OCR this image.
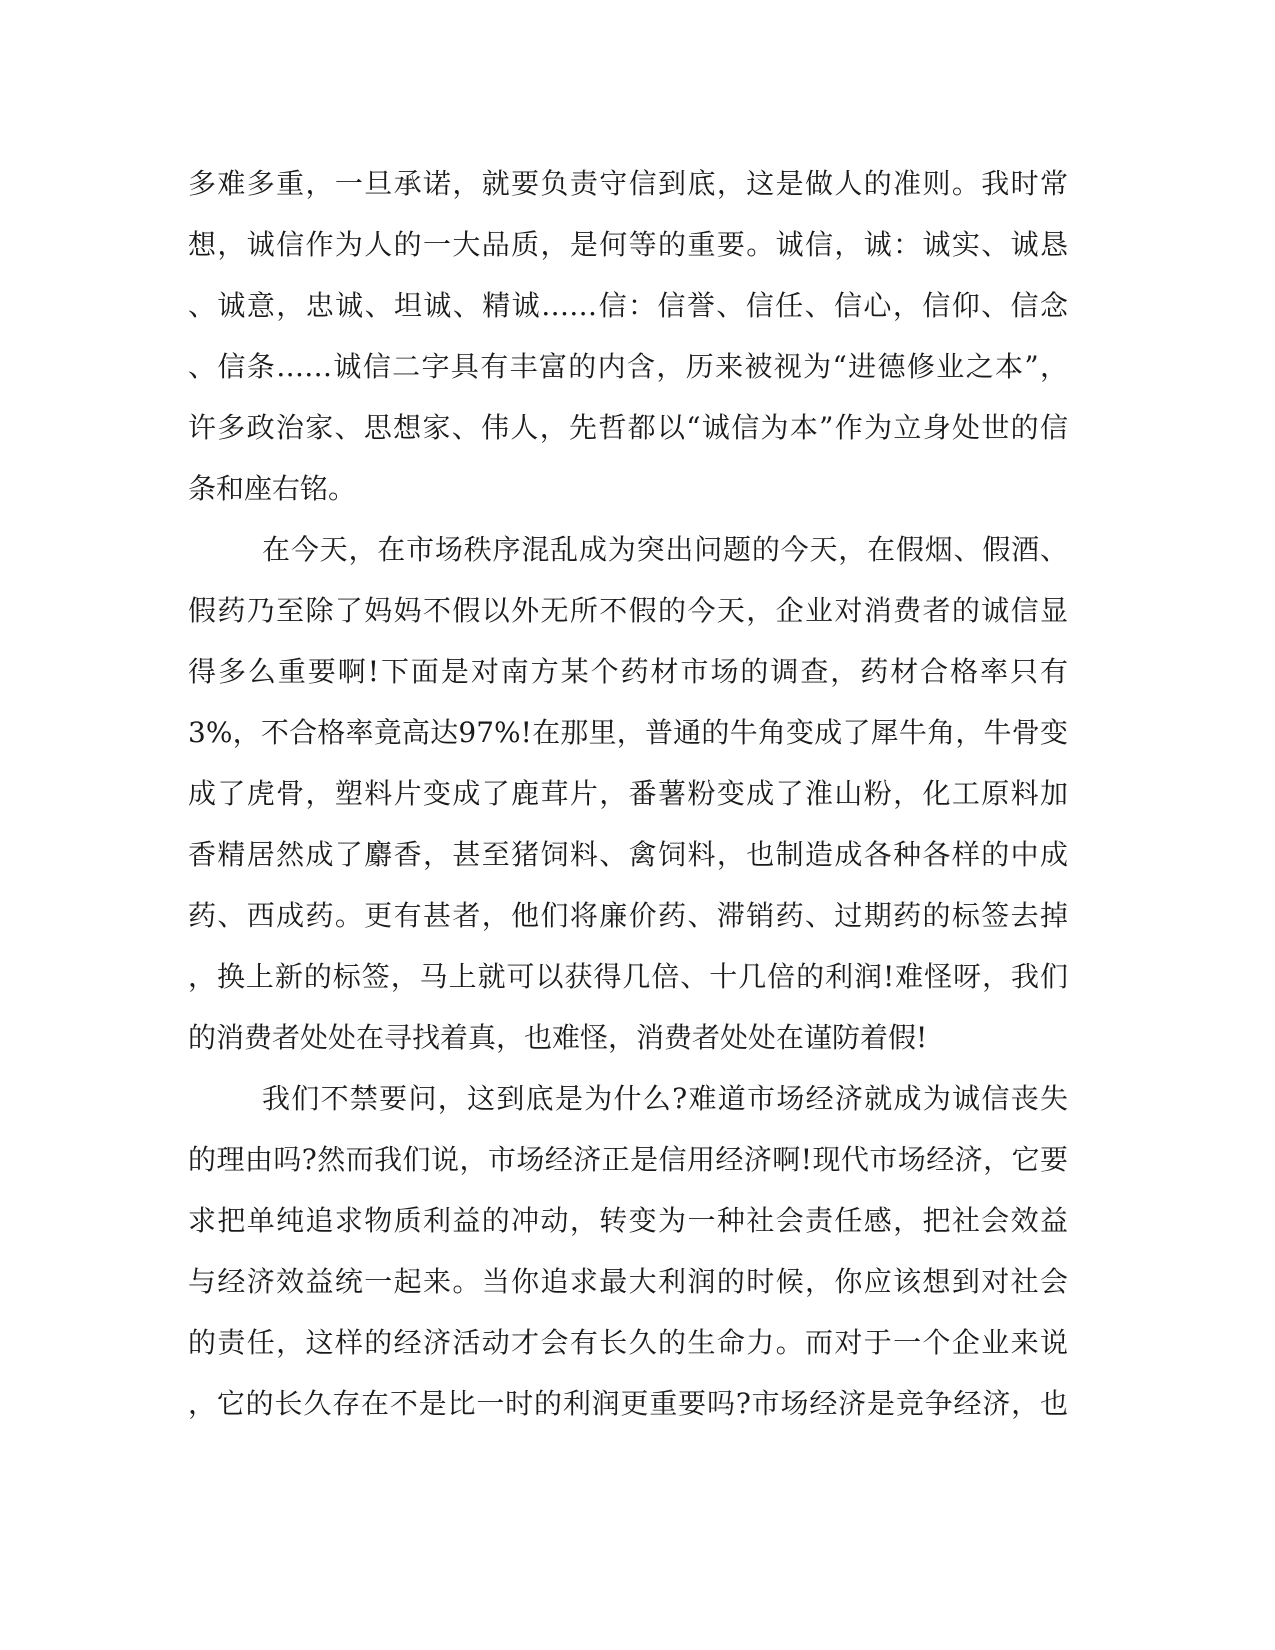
多难多重，一旦承诺，就要负责守信到底，这是做人的准则。我时常
想，诚信作为人的一大品质，是何等的重要。诚信，诚：诚实、诚恳
、诚意，忠诚、坦诚、精诚……信：信誉、信任、信心，信仰、信念
、信条……诚信二字具有丰富的内含，历来被视为“进德修业之本”，
许多政治家、思想家、伟人，先哲都以“诚信为本”作为立身处世的信
条和座右铭。
在今天，在市场秩序混乱成为突出问题的今天，在假烟、假酒、
假药乃至除了妈妈不假以外无所不假的今天，企业对消费者的诚信显
得多么重要啊!下面是对南方某个药材市场的调查，药材合格率只有
3%，不合格率竟高达97%!在那里，普通的牛角变成了犀牛角，牛骨变
成了虎骨，塑料片变成了鹿茸片，番薯粉变成了淮山粉，化工原料加
香精居然成了麝香，甚至猪饲料、禽饲料，也制造成各种各样的中成
药、西成药。更有甚者，他们将廉价药、滞销药、过期药的标签去掉
，换上新的标签，马上就可以获得几倍、十几倍的利润!难怪呀，我们
的消费者处处在寻找着真，也难怪，消费者处处在谨防着假!
我们不禁要问，这到底是为什么?难道市场经济就成为诚信丧失
的理由吗?然而我们说，市场经济正是信用经济啊!现代市场经济，它要
求把单纯追求物质利益的冲动，转变为一种社会责任感，把社会效益
与经济效益统一起来。当你追求最大利润的时候，你应该想到对社会
的责任，这样的经济活动才会有长久的生命力。而对于一个企业来说
，它的长久存在不是比一时的利润更重要吗?市场经济是竞争经济，也
